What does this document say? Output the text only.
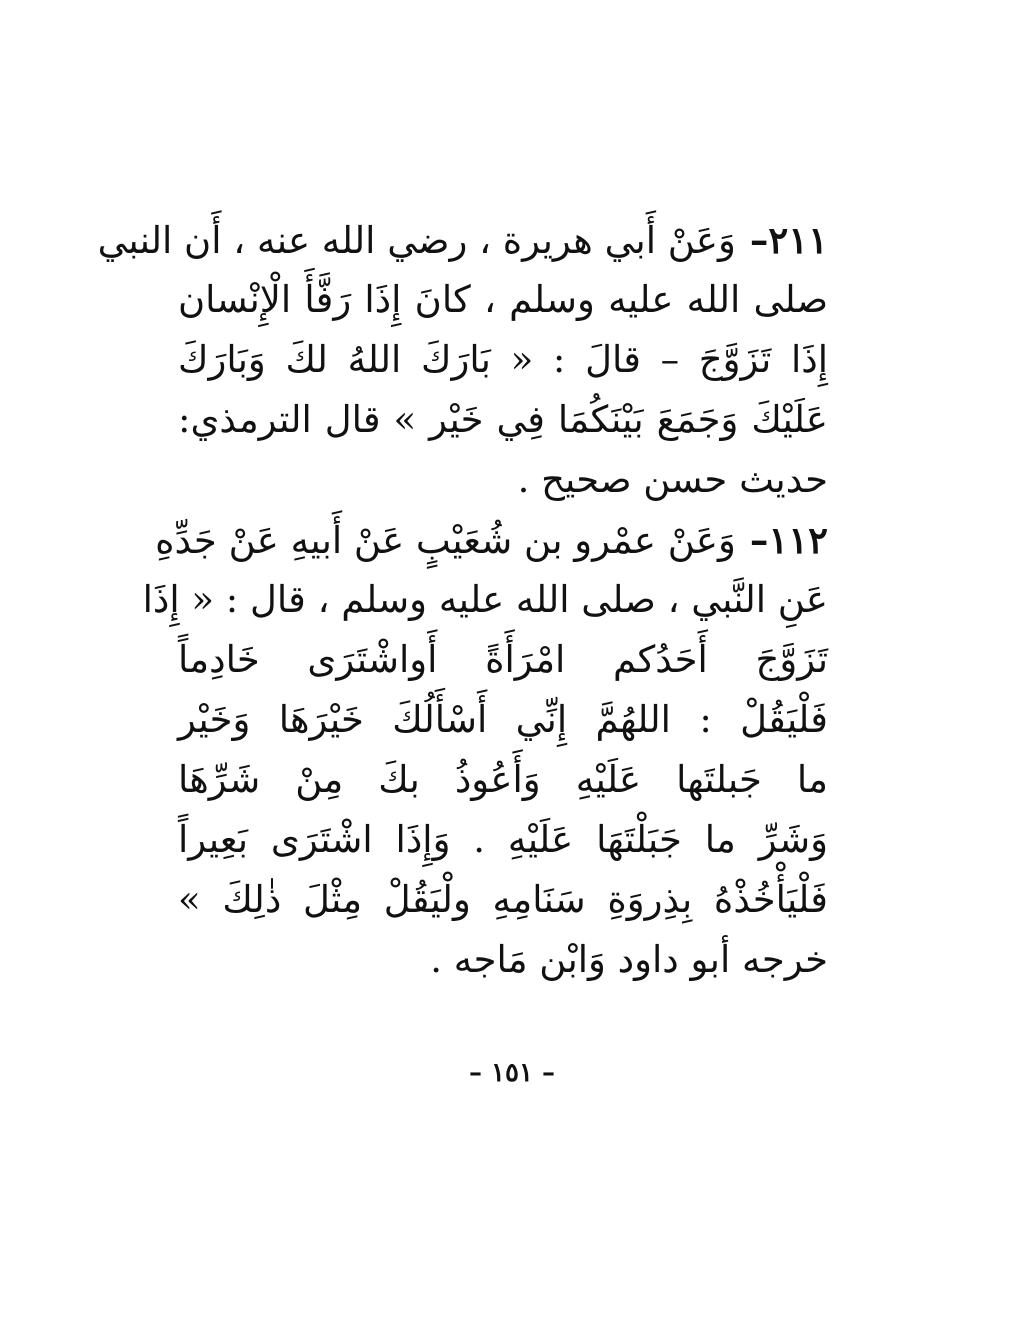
٢١١–وَعَنْ أَبي هريرة ، رضي الله عنه ، أَن النبي
صلى الله عليه وسلم ، كانَ إِذَا رَفَّأَ الْإِنْسان
إِذَا تَزَوَّجَ – قالَ : « بَارَكَ اللهُ لكَ وَبَارَكَ
عَلَيْكَ وَجَمَعَ بَيْنَكُمَا فِي خَيْر » قال الترمذي:
حديث حسن صحيح .
١١٢–وَعَنْ عمْرو بن شُعَيْبٍ عَنْ أَبيهِ عَنْ جَدِّهِ
عَنِ النَّبي ، صلى الله عليه وسلم ، قال : « إِذَا
تَزَوَّجَ أَحَدُكم امْرَأَةً أَواشْتَرَى خَادِماً
فَلْيَقُلْ : اللهُمَّ إِنِّي أَسْأَلُكَ خَيْرَهَا وَخَيْر
ما جَبلتَها عَلَيْهِ وَأَعُوذُ بكَ مِنْ شَرِّهَا
وَشَرِّ ما جَبَلْتَهَا عَلَيْهِ . وَإِذَا اشْتَرَى بَعِيراً
فَلْيَأْخُذْهُ بِذِروَةِ سَنَامِهِ ولْيَقُلْ مِثْلَ ذٰلِكَ »
خرجه أبو داود وَابْن مَاجه .
– ١٥١ –
